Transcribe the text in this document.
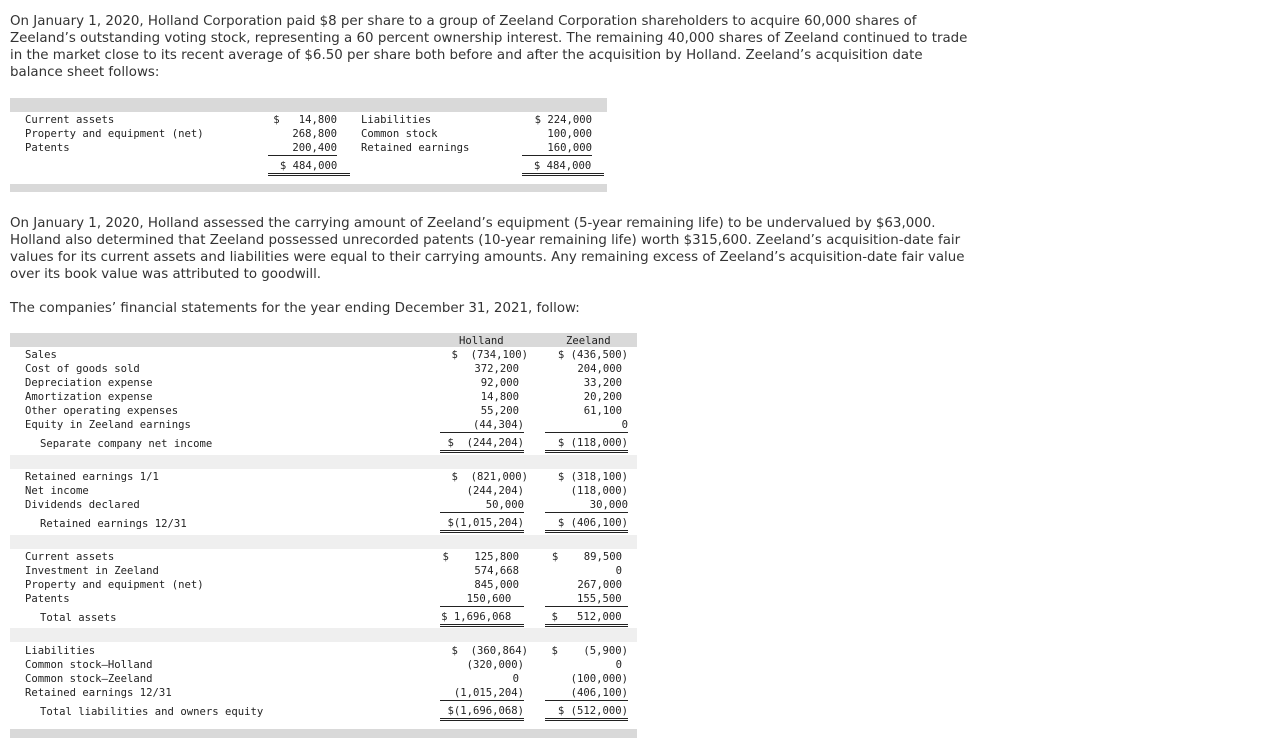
On January 1, 2020, Holland Corporation paid $8 per share to a group of Zeeland Corporation shareholders to acquire 60,000 shares of Zeeland’s outstanding voting stock, representing a 60 percent ownership interest. The remaining 40,000 shares of Zeeland continued to trade in the market close to its recent average of $6.50 per share both before and after the acquisition by Holland. Zeeland’s acquisition date balance sheet follows:

Current assets
Property and equipment (net)
Patents
$   14,800
268,800
200,400
$ 484,000
Liabilities
Common stock
Retained earnings
$ 224,000
100,000
160,000
$ 484,000

On January 1, 2020, Holland assessed the carrying amount of Zeeland’s equipment (5-year remaining life) to be undervalued by $63,000. Holland also determined that Zeeland possessed unrecorded patents (10-year remaining life) worth $315,600. Zeeland’s acquisition-date fair values for its current assets and liabilities were equal to their carrying amounts. Any remaining excess of Zeeland’s acquisition-date fair value over its book value was attributed to goodwill.

The companies’ financial statements for the year ending December 31, 2021, follow:

Holland	Zeeland
Sales
Cost of goods sold
Depreciation expense
Amortization expense
Other operating expenses
Equity in Zeeland earnings
Separate company net income
$  (734,100)
372,200
92,000
14,800
55,200
(44,304)
$  (244,204)
$ (436,500)
204,000
33,200
20,200
61,100
0
$ (118,000)
Retained earnings 1/1
Net income
Dividends declared
Retained earnings 12/31
$  (821,000)
(244,204)
50,000
$(1,015,204)
$ (318,100)
(118,000)
30,000
$ (406,100)
Current assets
Investment in Zeeland
Property and equipment (net)
Patents
Total assets
$    125,800
574,668
845,000
150,600
$ 1,696,068
$    89,500
0
267,000
155,500
$   512,000
Liabilities
Common stock—Holland
Common stock—Zeeland
Retained earnings 12/31
Total liabilities and owners equity
$  (360,864)
(320,000)
0
(1,015,204)
$(1,696,068)
$    (5,900)
0
(100,000)
(406,100)
$ (512,000)
